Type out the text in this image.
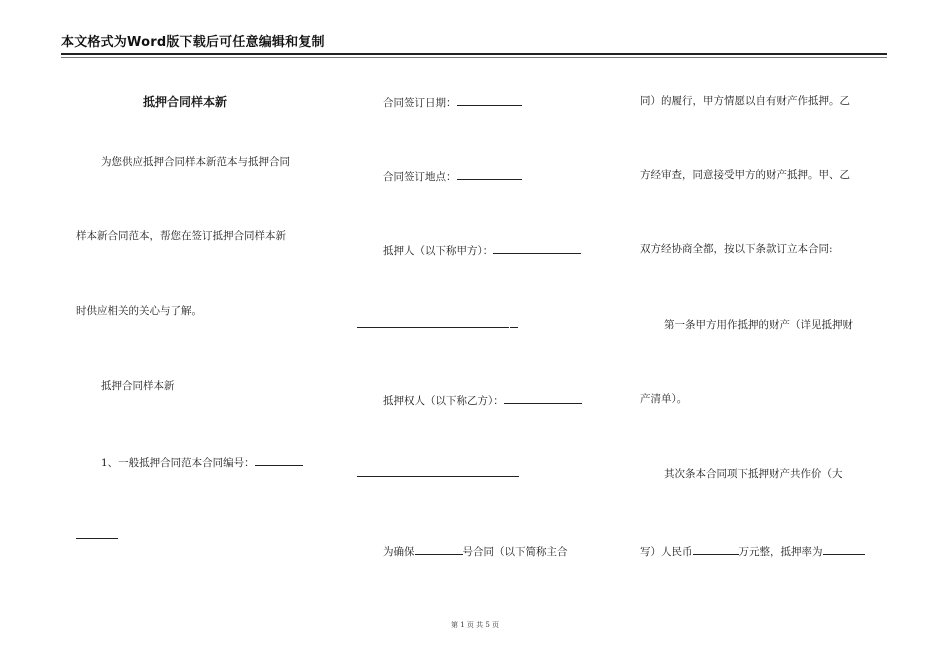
本文格式为Word版下载后可任意编辑和复制
抵押合同样本新
为您供应抵押合同样本新范本与抵押合同
样本新合同范本，帮您在签订抵押合同样本新
时供应相关的关心与了解。
抵押合同样本新
1、一般抵押合同范本合同编号：
合同签订日期：
合同签订地点：
抵押人（以下称甲方）：
抵押权人（以下称乙方）：
为确保	号合同（以下简称主合
同）的履行，甲方情愿以自有财产作抵押。乙
方经审查，同意接受甲方的财产抵押。甲、乙
双方经协商全都，按以下条款订立本合同:
第一条甲方用作抵押的财产（详见抵押财
产清单）。
其次条本合同项下抵押财产共作价（大
写）人民币	万元整，抵押率为
第 1 页 共 5 页
